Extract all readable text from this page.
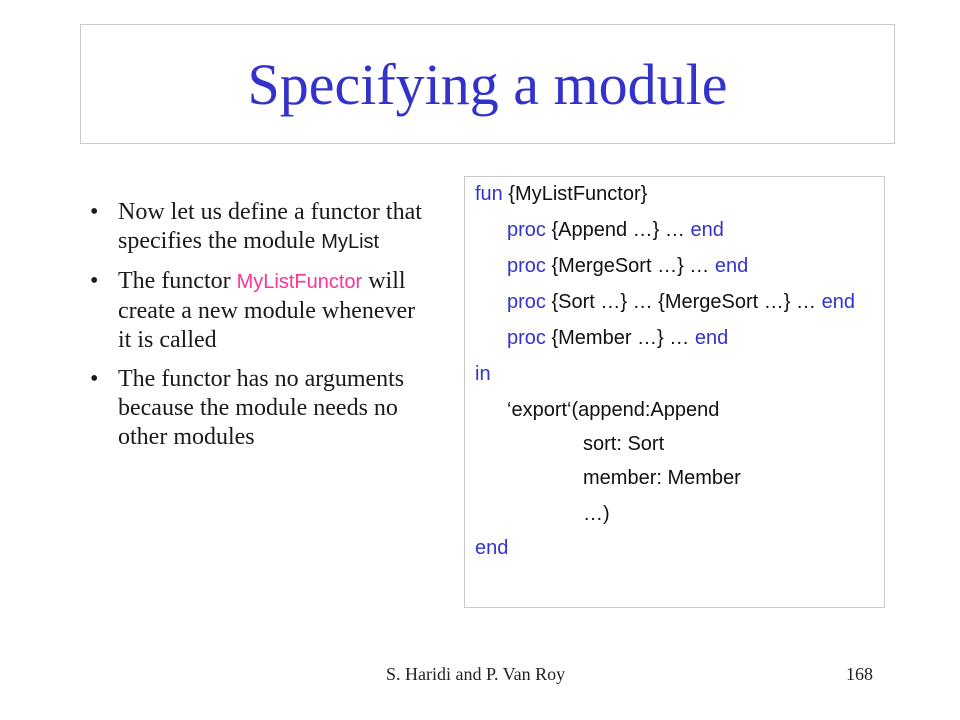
Specifying a module
• Now let us define a functor that specifies the module MyList
• The functor MyListFunctor will create a new module whenever it is called
• The functor has no arguments because the module needs no other modules
fun {MyListFunctor}
proc {Append …} … end
proc {MergeSort …} … end
proc {Sort …} … {MergeSort …} … end
proc {Member …} … end
in
‘export‘(append:Append
sort: Sort
member: Member
…)
end
S. Haridi and P. Van Roy	168
